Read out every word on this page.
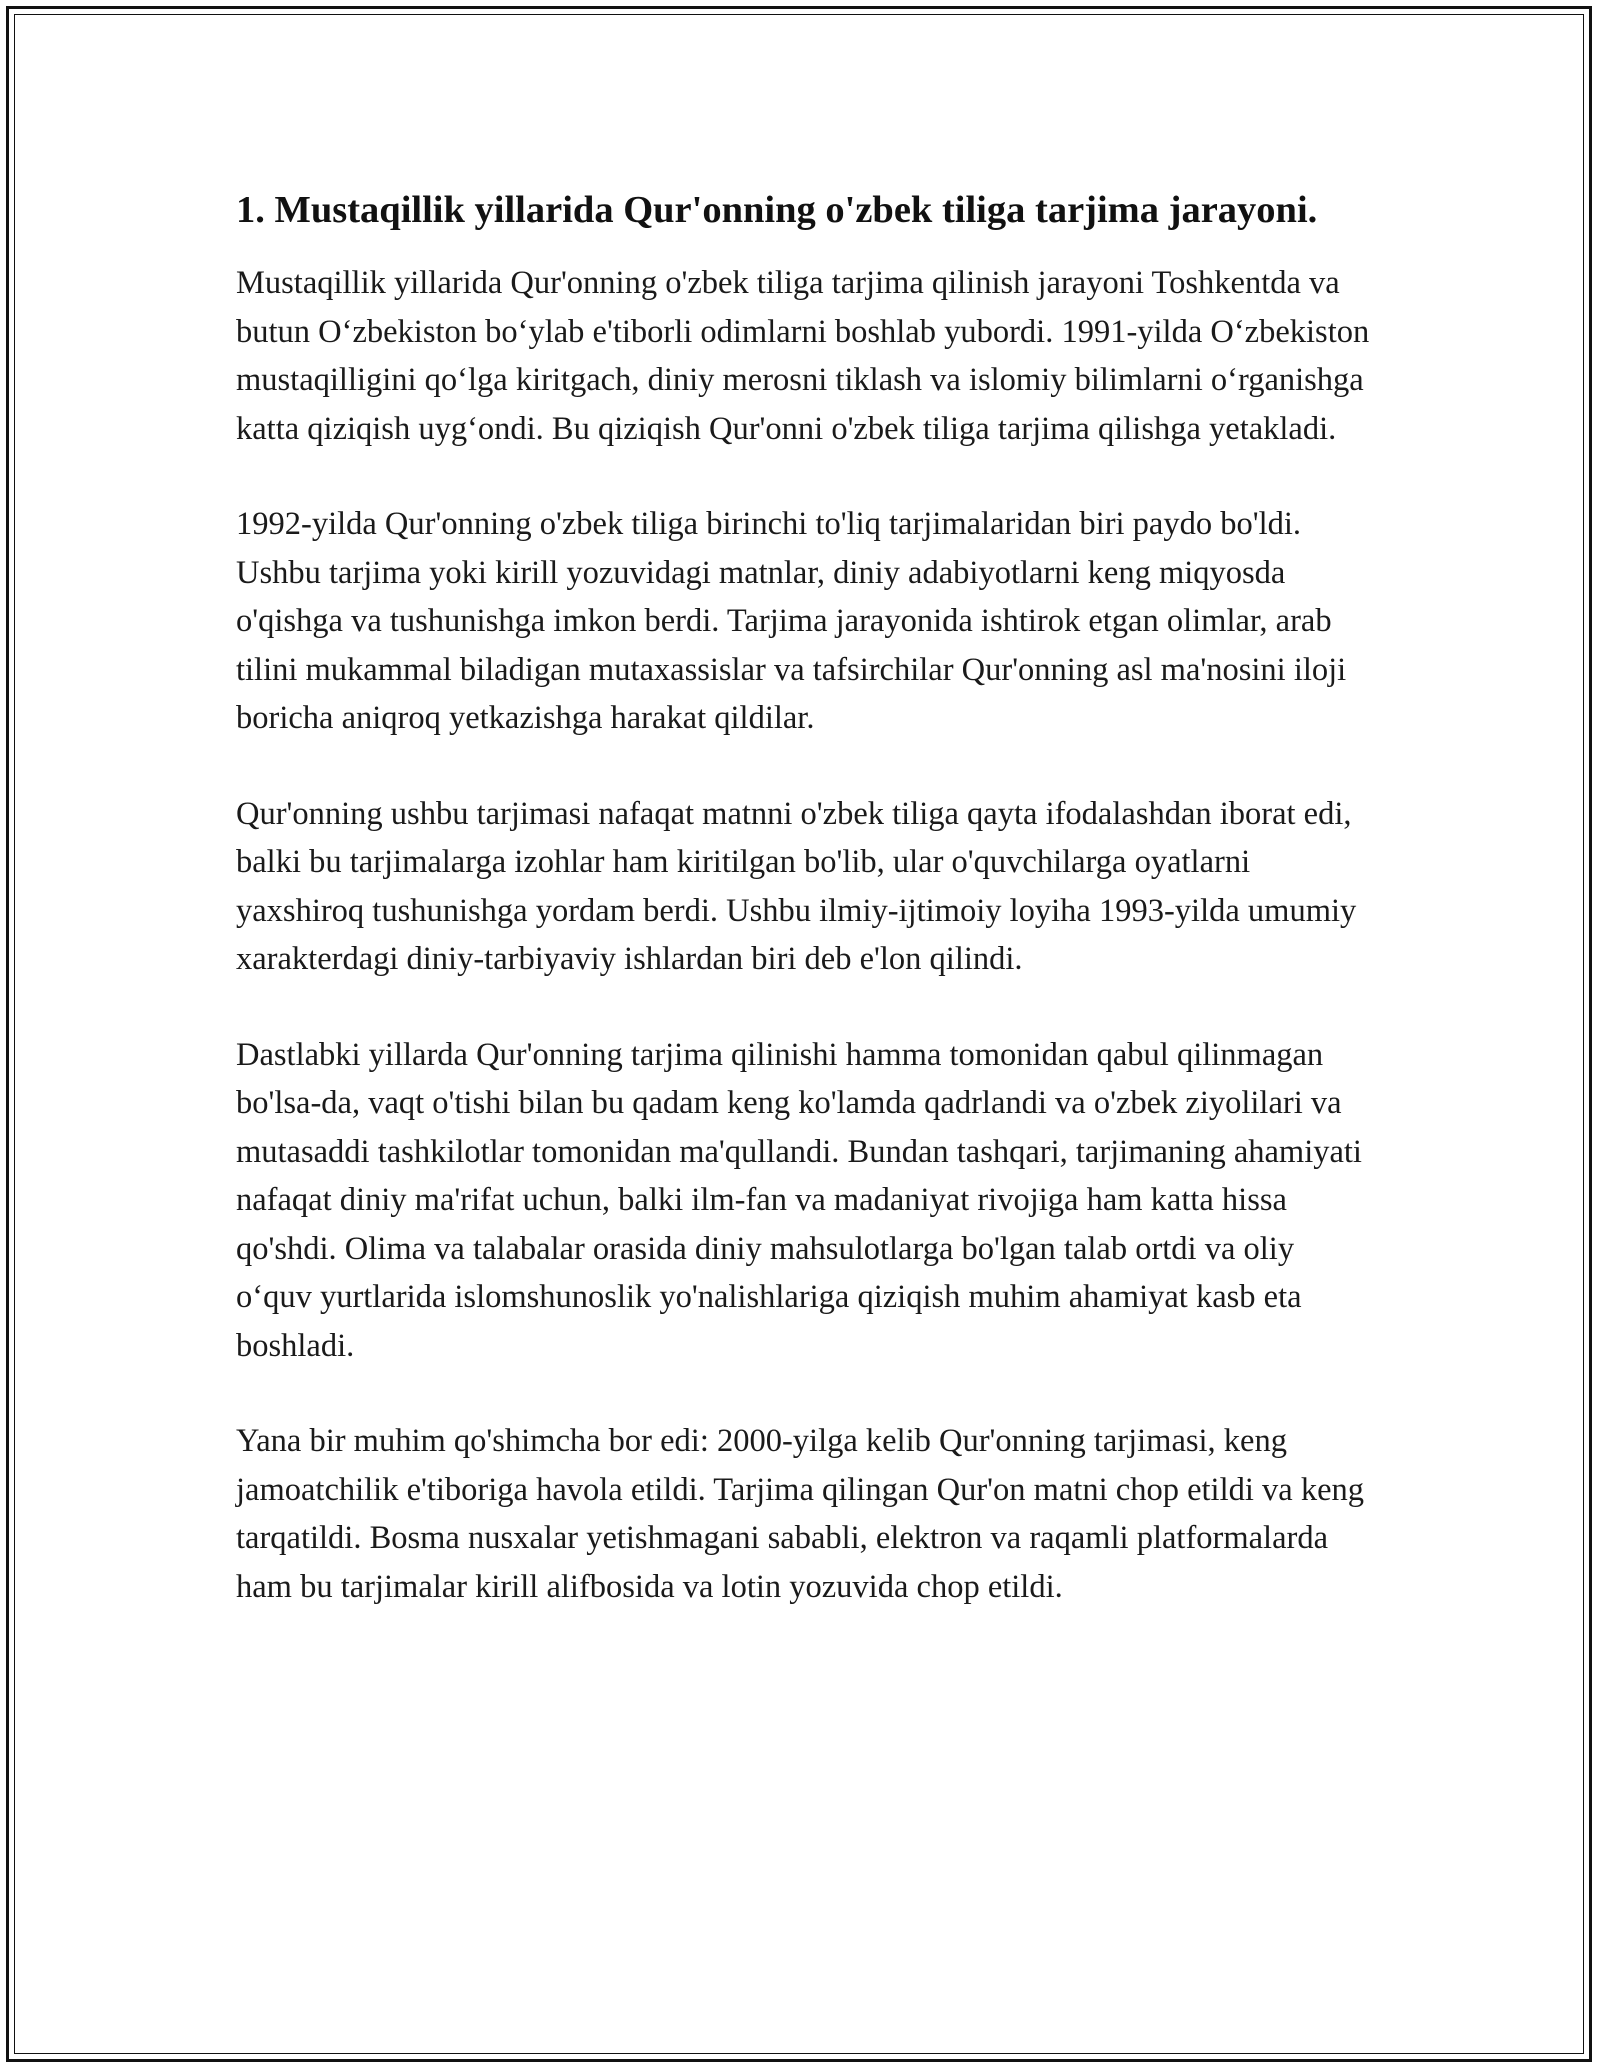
1. Mustaqillik yillarida Qur'onning o'zbek tiliga tarjima jarayoni.

Mustaqillik yillarida Qur'onning o'zbek tiliga tarjima qilinish jarayoni Toshkentda va butun O‘zbekiston bo‘ylab e'tiborli odimlarni boshlab yubordi. 1991-yilda O‘zbekiston mustaqilligini qo‘lga kiritgach, diniy merosni tiklash va islomiy bilimlarni o‘rganishga katta qiziqish uyg‘ondi. Bu qiziqish Qur'onni o'zbek tiliga tarjima qilishga yetakladi.

1992-yilda Qur'onning o'zbek tiliga birinchi to'liq tarjimalaridan biri paydo bo'ldi. Ushbu tarjima yoki kirill yozuvidagi matnlar, diniy adabiyotlarni keng miqyosda o'qishga va tushunishga imkon berdi. Tarjima jarayonida ishtirok etgan olimlar, arab tilini mukammal biladigan mutaxassislar va tafsirchilar Qur'onning asl ma'nosini iloji boricha aniqroq yetkazishga harakat qildilar.

Qur'onning ushbu tarjimasi nafaqat matnni o'zbek tiliga qayta ifodalashdan iborat edi, balki bu tarjimalarga izohlar ham kiritilgan bo'lib, ular o'quvchilarga oyatlarni yaxshiroq tushunishga yordam berdi. Ushbu ilmiy-ijtimoiy loyiha 1993-yilda umumiy xarakterdagi diniy-tarbiyaviy ishlardan biri deb e'lon qilindi.

Dastlabki yillarda Qur'onning tarjima qilinishi hamma tomonidan qabul qilinmagan bo'lsa-da, vaqt o'tishi bilan bu qadam keng ko'lamda qadrlandi va o'zbek ziyolilari va mutasaddi tashkilotlar tomonidan ma'qullandi. Bundan tashqari, tarjimaning ahamiyati nafaqat diniy ma'rifat uchun, balki ilm-fan va madaniyat rivojiga ham katta hissa qo'shdi. Olima va talabalar orasida diniy mahsulotlarga bo'lgan talab ortdi va oliy o‘quv yurtlarida islomshunoslik yo'nalishlariga qiziqish muhim ahamiyat kasb eta boshladi.

Yana bir muhim qo'shimcha bor edi: 2000-yilga kelib Qur'onning tarjimasi, keng jamoatchilik e'tiboriga havola etildi. Tarjima qilingan Qur'on matni chop etildi va keng tarqatildi. Bosma nusxalar yetishmagani sababli, elektron va raqamli platformalarda ham bu tarjimalar kirill alifbosida va lotin yozuvida chop etildi.
